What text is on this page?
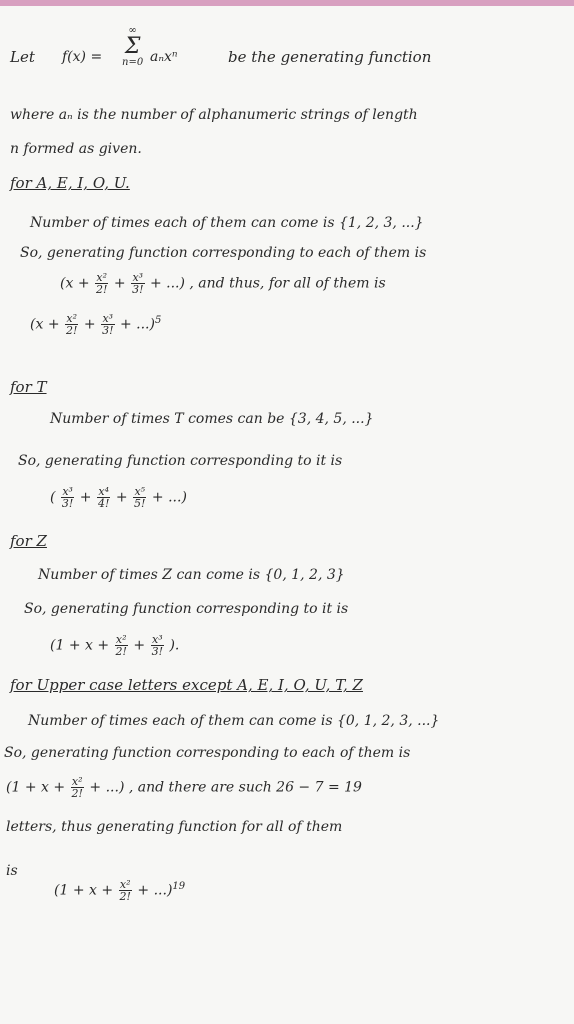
Let f(x) =
∞
Σ
n=0 aₙxⁿ	be the generating function
where aₙ is the number of alphanumeric strings of length
n formed as given.
for A, E, I, O, U.
Number of times each of them can come is {1, 2, 3, ...}
So, generating function corresponding to each of them is
($x + \frac{\text{x²}}{2!} + \frac{\text{x³}}{3!}$ + ...) , and thus, for all of them is
$(x + \frac{\text{x²}}{2!} + \frac{\text{x³}}{3!} + ...)^5$
for T
Number of times T comes can be {3, 4, 5, ...}
So, generating function corresponding to it is
( $\frac{\text{x³}}{3!} + \frac{\text{x⁴}}{4!} + \frac{\text{x⁵}}{5!}$ + ...)
for Z
Number of times Z can come is {0, 1, 2, 3}
So, generating function corresponding to it is
($1 + x + \frac{\text{x²}}{2!} + \frac{\text{x³}}{3!}$ ).
for Upper case letters except A, E, I, O, U, T, Z
Number of times each of them can come is {0, 1, 2, 3, ...}
So, generating function corresponding to each of them is
($1 + x + \frac{\text{x²}}{2!}$ + ...) , and there are such 26 − 7 = 19
letters, thus generating function for all of them
is
$(1 + x + \frac{\text{x²}}{2!} + ...)^{19}$
